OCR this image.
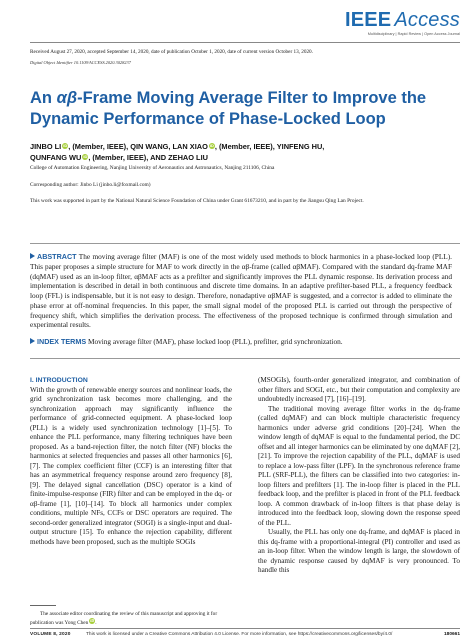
IEEE Access
Multidisciplinary | Rapid Review | Open Access Journal
Received August 27, 2020, accepted September 14, 2020, date of publication October 1, 2020, date of current version October 13, 2020.
Digital Object Identifier 10.1109/ACCESS.2020.3028237
An αβ-Frame Moving Average Filter to Improve the Dynamic Performance of Phase-Locked Loop
JINBO LI iD, (Member, IEEE), QIN WANG, LAN XIAO iD, (Member, IEEE), YINFENG HU,
QUNFANG WU iD, (Member, IEEE), AND ZEHAO LIU
College of Automation Engineering, Nanjing University of Aeronautics and Astronautics, Nanjing 211106, China
Corresponding author: Jinbo Li (jinbo.li@foxmail.com)
This work was supported in part by the National Natural Science Foundation of China under Grant 61673210, and in part by the Jiangsu Qing Lan Project.
ABSTRACT The moving average filter (MAF) is one of the most widely used methods to block harmonics in a phase-locked loop (PLL). This paper proposes a simple structure for MAF to work directly in the αβ-frame (called αβMAF). Compared with the standard dq-frame MAF (dqMAF) used as an in-loop filter, αβMAF acts as a prefilter and significantly improves the PLL dynamic response. Its derivation process and implementation is described in detail in both continuous and discrete time domains. In an adaptive prefilter-based PLL, a frequency feedback loop (FFL) is indispensable, but it is not easy to design. Therefore, nonadaptive αβMAF is suggested, and a corrector is added to eliminate the phase error at off-nominal frequencies. In this paper, the small signal model of the proposed PLL is carried out through the perspective of frequency shift, which simplifies the derivation process. The effectiveness of the proposed technique is confirmed through simulation and experimental results.
INDEX TERMS Moving average filter (MAF), phase locked loop (PLL), prefilter, grid synchronization.
I. INTRODUCTION

With the growth of renewable energy sources and nonlinear loads, the grid synchronization task becomes more challenging, and the synchronization approach may significantly influence the performance of grid-connected equipment. A phase-locked loop (PLL) is a widely used synchronization technology [1]–[5]. To enhance the PLL performance, many filtering techniques have been proposed. As a band-rejection filter, the notch filter (NF) blocks the harmonics at selected frequencies and passes all other harmonics [6], [7]. The complex coefficient filter (CCF) is an interesting filter that has an asymmetrical frequency response around zero frequency [8], [9]. The delayed signal cancellation (DSC) operator is a kind of finite-impulse-response (FIR) filter and can be employed in the dq- or αβ-frame [1], [10]–[14]. To block all harmonics under complex conditions, multiple NFs, CCFs or DSC operators are required. The second-order generalized integrator (SOGI) is a single-input and dual-output structure [15]. To enhance the rejection capability, different methods have been proposed, such as the multiple SOGIs

(MSOGIs), fourth-order generalized integrator, and combination of other filters and SOGI, etc., but their computation and complexity are undoubtedly increased [7], [16]–[19].

The traditional moving average filter works in the dq-frame (called dqMAF) and can block multiple characteristic frequency harmonics under adverse grid conditions [20]–[24]. When the window length of dqMAF is equal to the fundamental period, the DC offset and all integer harmonics can be eliminated by one dqMAF [2], [21]. To improve the rejection capability of the PLL, dqMAF is used to replace a low-pass filter (LPF). In the synchronous reference frame PLL (SRF-PLL), the filters can be classified into two categories: in-loop filters and prefilters [1]. The in-loop filter is placed in the PLL feedback loop, and the prefilter is placed in front of the PLL feedback loop. A common drawback of in-loop filters is that phase delay is introduced into the feedback loop, slowing down the response speed of the PLL.

Usually, the PLL has only one dq-frame, and dqMAF is placed in this dq-frame with a proportional-integral (PI) controller and used as an in-loop filter. When the window length is large, the slowdown of the dynamic response caused by dqMAF is very pronounced. To handle this

The associate editor coordinating the review of this manuscript and approving it for publication was Yong Chen iD.
VOLUME 8, 2020	This work is licensed under a Creative Commons Attribution 4.0 License. For more information, see https://creativecommons.org/licenses/by/4.0/	180661
